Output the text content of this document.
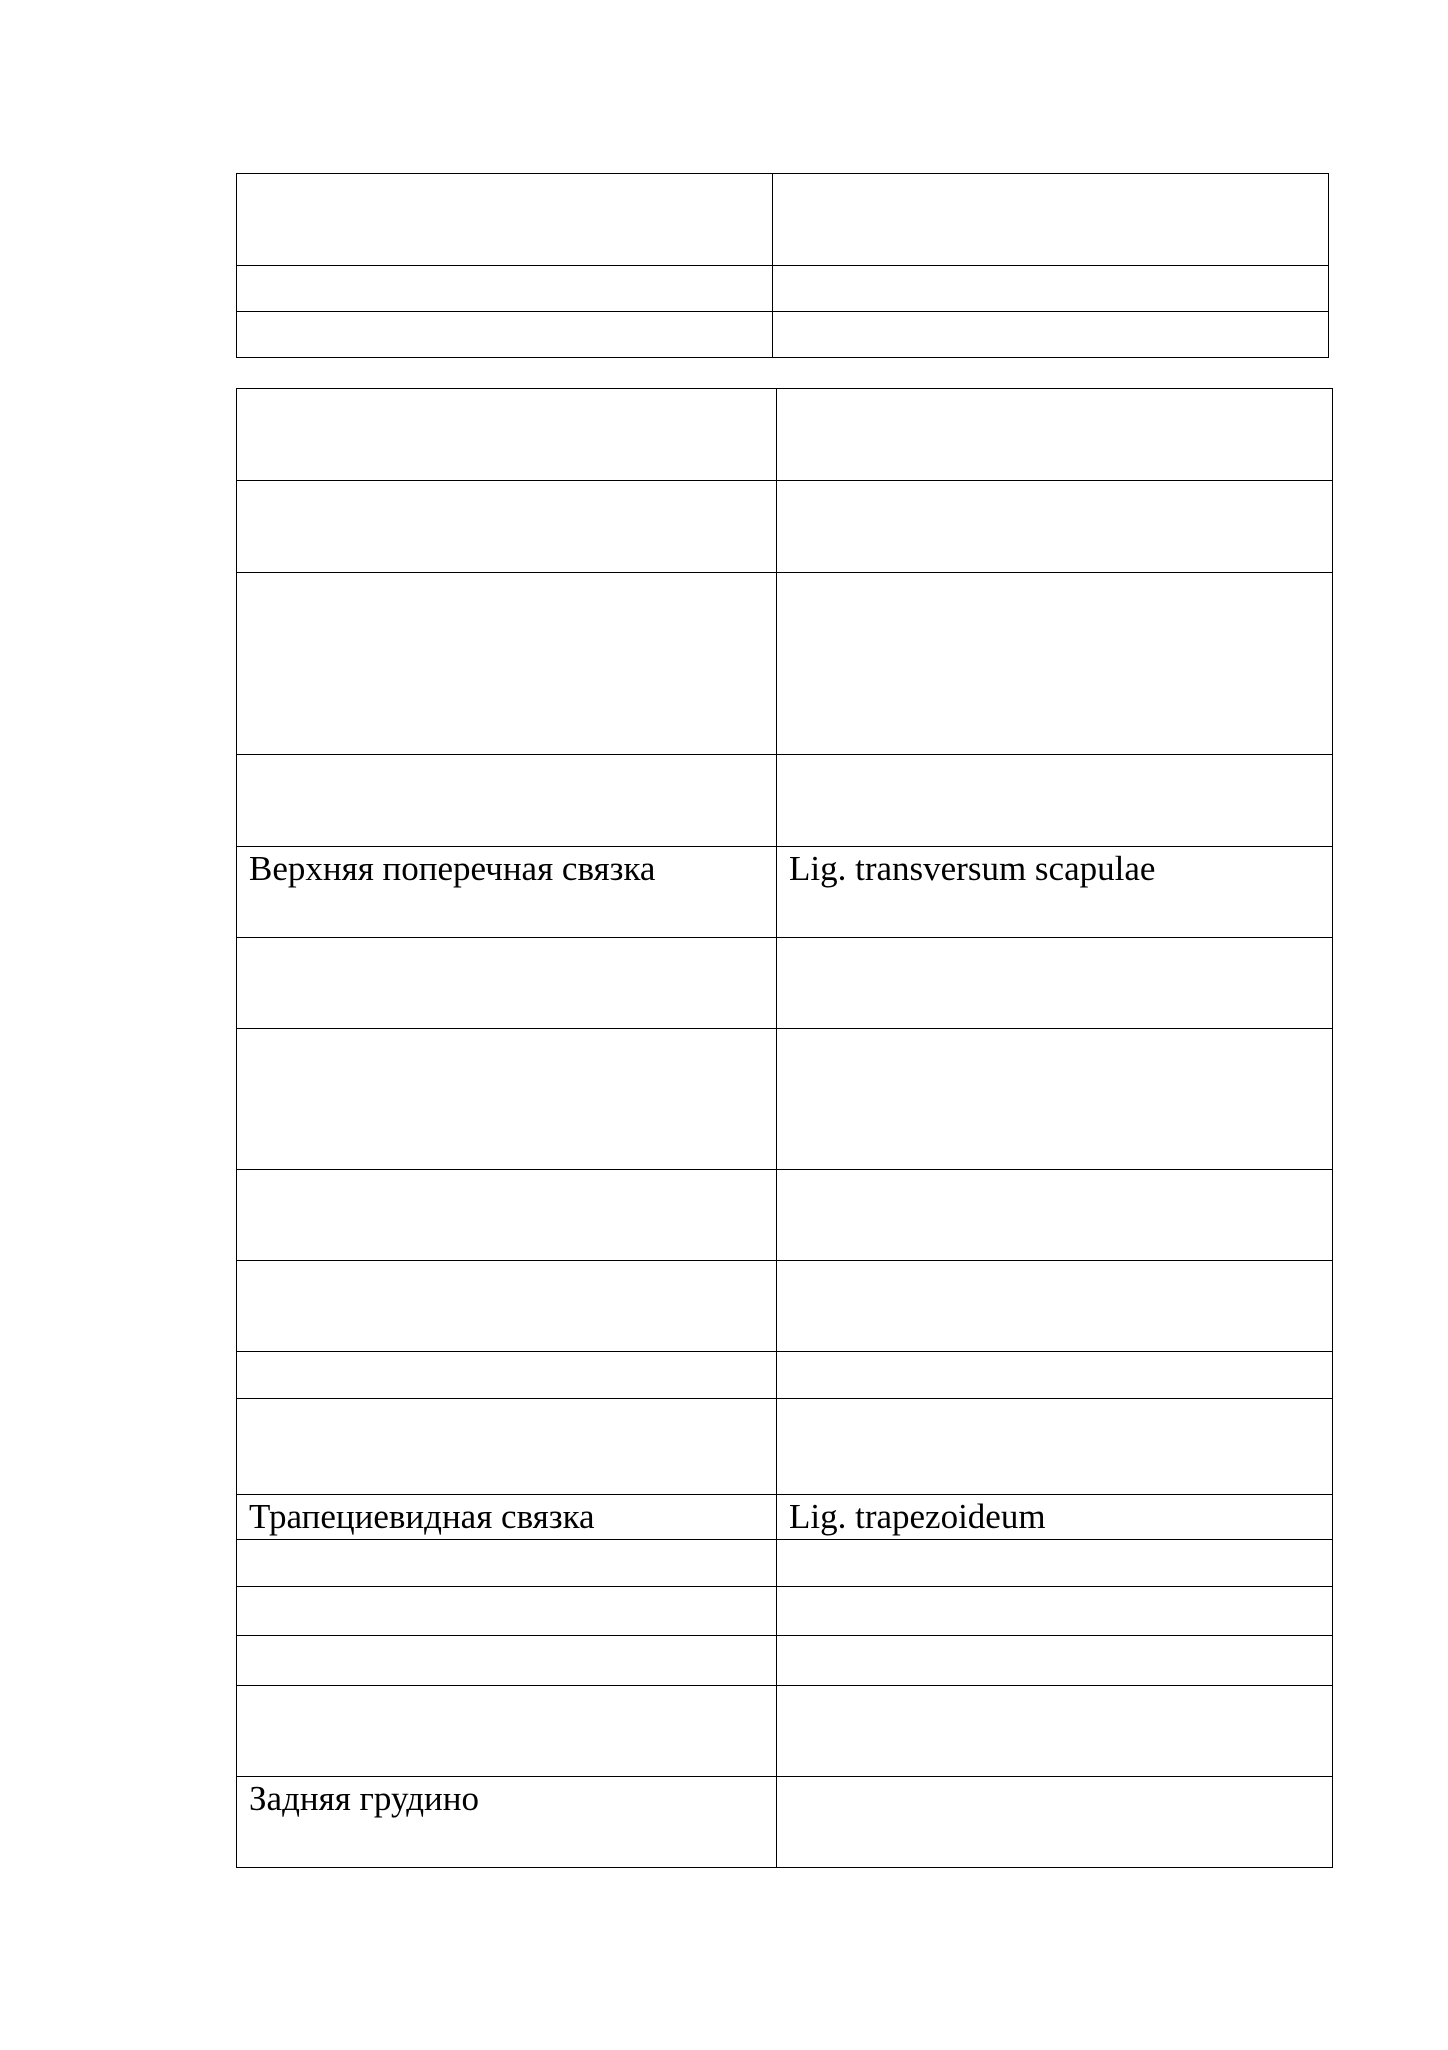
Верхняя поперечная связка	Lig. transversum scapulae

Трапециевидная связка	Lig. trapezoideum

Задняя грудино	
